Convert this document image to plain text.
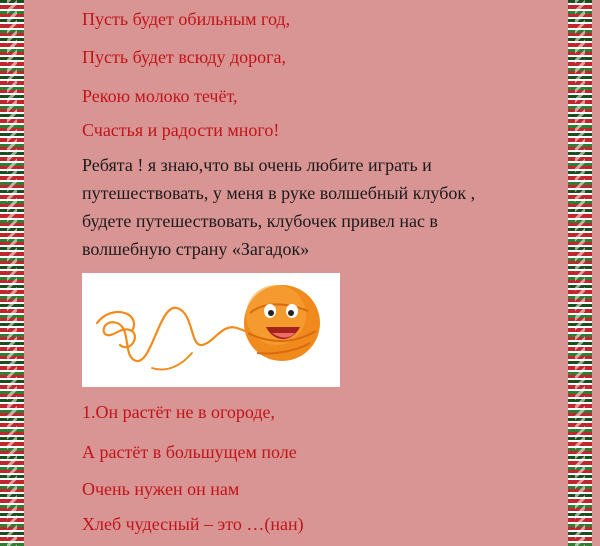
Пусть будет обильным год,
Пусть будет всюду дорога,
Рекою молоко течёт,
Счастья и радости много!
Ребята ! я знаю,что вы очень любите играть и
путешествовать, у меня в руке волшебный клубок ,
будете путешествовать, клубочек привел нас в
волшебную страну «Загадок»
1.Он растёт не в огороде,
А растёт в большущем поле
Очень нужен он нам
Хлеб чудесный – это …(нан)
